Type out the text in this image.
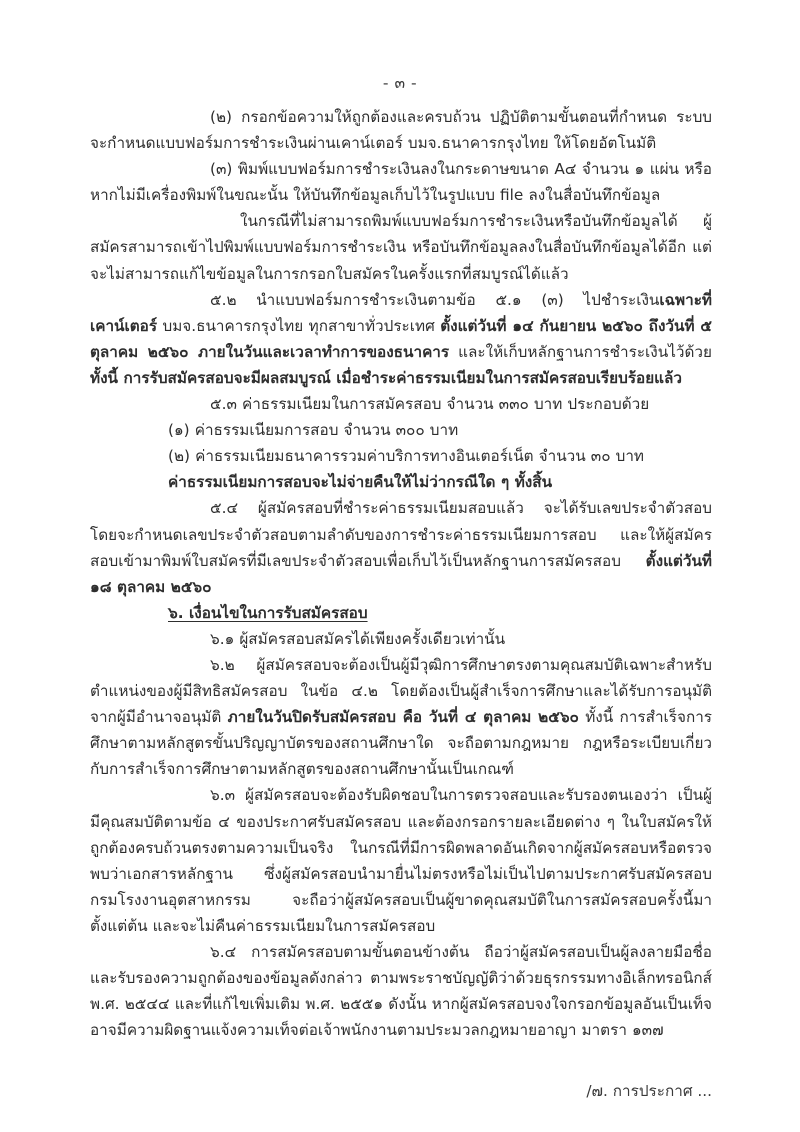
- ๓ -

(๒) กรอกข้อความให้ถูกต้องและครบถ้วน ปฏิบัติตามขั้นตอนที่กำหนด ระบบจะกำหนดแบบฟอร์มการชำระเงินผ่านเคาน์เตอร์ บมจ.ธนาคารกรุงไทย ให้โดยอัตโนมัติ

(๓) พิมพ์แบบฟอร์มการชำระเงินลงในกระดาษขนาด A๔ จำนวน ๑ แผ่น หรือหากไม่มีเครื่องพิมพ์ในขณะนั้น ให้บันทึกข้อมูลเก็บไว้ในรูปแบบ file ลงในสื่อบันทึกข้อมูล

ในกรณีที่ไม่สามารถพิมพ์แบบฟอร์มการชำระเงินหรือบันทึกข้อมูลได้ ผู้สมัครสามารถเข้าไปพิมพ์แบบฟอร์มการชำระเงิน หรือบันทึกข้อมูลลงในสื่อบันทึกข้อมูลได้อีก แต่จะไม่สามารถแก้ไขข้อมูลในการกรอกใบสมัครในครั้งแรกที่สมบูรณ์ได้แล้ว

๕.๒ นำแบบฟอร์มการชำระเงินตามข้อ ๕.๑ (๓) ไปชำระเงินเฉพาะที่เคาน์เตอร์ บมจ.ธนาคารกรุงไทย ทุกสาขาทั่วประเทศ ตั้งแต่วันที่ ๑๔ กันยายน ๒๕๖๐ ถึงวันที่ ๕ ตุลาคม ๒๕๖๐ ภายในวันและเวลาทำการของธนาคาร และให้เก็บหลักฐานการชำระเงินไว้ด้วย ทั้งนี้ การรับสมัครสอบจะมีผลสมบูรณ์ เมื่อชำระค่าธรรมเนียมในการสมัครสอบเรียบร้อยแล้ว

๕.๓ ค่าธรรมเนียมในการสมัครสอบ จำนวน ๓๓๐ บาท ประกอบด้วย

(๑) ค่าธรรมเนียมการสอบ จำนวน ๓๐๐ บาท

(๒) ค่าธรรมเนียมธนาคารรวมค่าบริการทางอินเตอร์เน็ต จำนวน ๓๐ บาท

ค่าธรรมเนียมการสอบจะไม่จ่ายคืนให้ไม่ว่ากรณีใด ๆ ทั้งสิ้น

๕.๔ ผู้สมัครสอบที่ชำระค่าธรรมเนียมสอบแล้ว จะได้รับเลขประจำตัวสอบ โดยจะกำหนดเลขประจำตัวสอบตามลำดับของการชำระค่าธรรมเนียมการสอบ และให้ผู้สมัครสอบเข้ามาพิมพ์ใบสมัครที่มีเลขประจำตัวสอบเพื่อเก็บไว้เป็นหลักฐานการสมัครสอบ ตั้งแต่วันที่ ๑๘ ตุลาคม ๒๕๖๐

๖. เงื่อนไขในการรับสมัครสอบ

๖.๑ ผู้สมัครสอบสมัครได้เพียงครั้งเดียวเท่านั้น

๖.๒ ผู้สมัครสอบจะต้องเป็นผู้มีวุฒิการศึกษาตรงตามคุณสมบัติเฉพาะสำหรับตำแหน่งของผู้มีสิทธิสมัครสอบ ในข้อ ๔.๒ โดยต้องเป็นผู้สำเร็จการศึกษาและได้รับการอนุมัติจากผู้มีอำนาจอนุมัติ ภายในวันปิดรับสมัครสอบ คือ วันที่ ๔ ตุลาคม ๒๕๖๐ ทั้งนี้ การสำเร็จการศึกษาตามหลักสูตรขั้นปริญญาบัตรของสถานศึกษาใด จะถือตามกฎหมาย กฎหรือระเบียบเกี่ยวกับการสำเร็จการศึกษาตามหลักสูตรของสถานศึกษานั้นเป็นเกณฑ์

๖.๓ ผู้สมัครสอบจะต้องรับผิดชอบในการตรวจสอบและรับรองตนเองว่า เป็นผู้มีคุณสมบัติตามข้อ ๔ ของประกาศรับสมัครสอบ และต้องกรอกรายละเอียดต่าง ๆ ในใบสมัครให้ถูกต้องครบถ้วนตรงตามความเป็นจริง ในกรณีที่มีการผิดพลาดอันเกิดจากผู้สมัครสอบหรือตรวจพบว่าเอกสารหลักฐาน ซึ่งผู้สมัครสอบนำมายื่นไม่ตรงหรือไม่เป็นไปตามประกาศรับสมัครสอบ กรมโรงงานอุตสาหกรรม จะถือว่าผู้สมัครสอบเป็นผู้ขาดคุณสมบัติในการสมัครสอบครั้งนี้มาตั้งแต่ต้น และจะไม่คืนค่าธรรมเนียมในการสมัครสอบ

๖.๔ การสมัครสอบตามขั้นตอนข้างต้น ถือว่าผู้สมัครสอบเป็นผู้ลงลายมือชื่อและรับรองความถูกต้องของข้อมูลดังกล่าว ตามพระราชบัญญัติว่าด้วยธุรกรรมทางอิเล็กทรอนิกส์ พ.ศ. ๒๕๔๔ และที่แก้ไขเพิ่มเติม พ.ศ. ๒๕๕๑ ดังนั้น หากผู้สมัครสอบจงใจกรอกข้อมูลอันเป็นเท็จ อาจมีความผิดฐานแจ้งความเท็จต่อเจ้าพนักงานตามประมวลกฎหมายอาญา มาตรา ๑๓๗

/๗. การประกาศ ...
